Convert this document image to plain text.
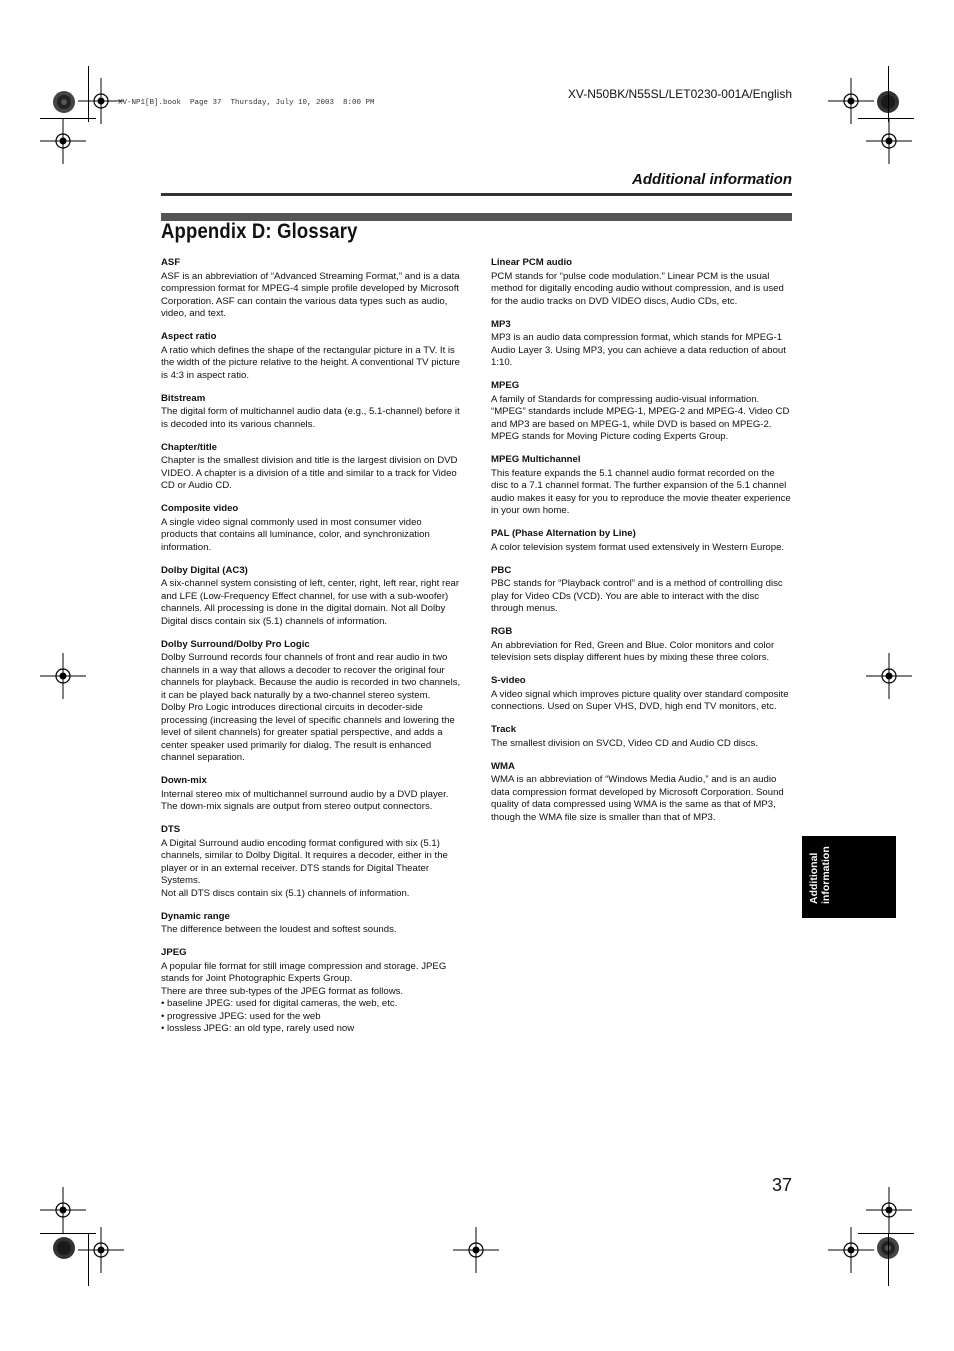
XV-NP1[B].book  Page 37  Thursday, July 10, 2003  8:00 PM
XV-N50BK/N55SL/LET0230-001A/English
Additional information
Appendix D: Glossary
ASF

ASF is an abbreviation of “Advanced Streaming Format,” and is a data compression format for MPEG-4 simple profile developed by Microsoft Corporation. ASF can contain the various data types such as audio, video, and text.

Aspect ratio

A ratio which defines the shape of the rectangular picture in a TV. It is the width of the picture relative to the height. A conventional TV picture is 4:3 in aspect ratio.

Bitstream

The digital form of multichannel audio data (e.g., 5.1-channel) before it is decoded into its various channels.

Chapter/title

Chapter is the smallest division and title is the largest division on DVD VIDEO. A chapter is a division of a title and similar to a track for Video CD or Audio CD.

Composite video

A single video signal commonly used in most consumer video products that contains all luminance, color, and synchronization information.

Dolby Digital (AC3)

A six-channel system consisting of left, center, right, left rear, right rear and LFE (Low-Frequency Effect channel, for use with a sub-woofer) channels. All processing is done in the digital domain. Not all Dolby Digital discs contain six (5.1) channels of information.

Dolby Surround/Dolby Pro Logic

Dolby Surround records four channels of front and rear audio in two channels in a way that allows a decoder to recover the original four channels for playback. Because the audio is recorded in two channels, it can be played back naturally by a two-channel stereo system.

Dolby Pro Logic introduces directional circuits in decoder-side processing (increasing the level of specific channels and lowering the level of silent channels) for greater spatial perspective, and adds a center speaker used primarily for dialog. The result is enhanced channel separation.

Down-mix

Internal stereo mix of multichannel surround audio by a DVD player. The down-mix signals are output from stereo output connectors.

DTS

A Digital Surround audio encoding format configured with six (5.1) channels, similar to Dolby Digital. It requires a decoder, either in the player or in an external receiver. DTS stands for Digital Theater Systems.

Not all DTS discs contain six (5.1) channels of information.

Dynamic range

The difference between the loudest and softest sounds.

JPEG

A popular file format for still image compression and storage. JPEG stands for Joint Photographic Experts Group.

There are three sub-types of the JPEG format as follows.

• baseline JPEG: used for digital cameras, the web, etc.
• progressive JPEG: used for the web
• lossless JPEG: an old type, rarely used now
Linear PCM audio

PCM stands for “pulse code modulation.” Linear PCM is the usual method for digitally encoding audio without compression, and is used for the audio tracks on DVD VIDEO discs, Audio CDs, etc.

MP3

MP3 is an audio data compression format, which stands for MPEG-1 Audio Layer 3. Using MP3, you can achieve a data reduction of about 1:10.

MPEG

A family of Standards for compressing audio-visual information. “MPEG” standards include MPEG-1, MPEG-2 and MPEG-4. Video CD and MP3 are based on MPEG-1, while DVD is based on MPEG-2. MPEG stands for Moving Picture coding Experts Group.

MPEG Multichannel

This feature expands the 5.1 channel audio format recorded on the disc to a 7.1 channel format. The further expansion of the 5.1 channel audio makes it easy for you to reproduce the movie theater experience in your own home.

PAL (Phase Alternation by Line)

A color television system format used extensively in Western Europe.

PBC

PBC stands for “Playback control” and is a method of controlling disc play for Video CDs (VCD). You are able to interact with the disc through menus.

RGB

An abbreviation for Red, Green and Blue. Color monitors and color television sets display different hues by mixing these three colors.

S-video

A video signal which improves picture quality over standard composite connections. Used on Super VHS, DVD, high end TV monitors, etc.

Track

The smallest division on SVCD, Video CD and Audio CD discs.

WMA

WMA is an abbreviation of “Windows Media Audio,” and is an audio data compression format developed by Microsoft Corporation. Sound quality of data compressed using WMA is the same as that of MP3, though the WMA file size is smaller than that of MP3.

Additional information
37
